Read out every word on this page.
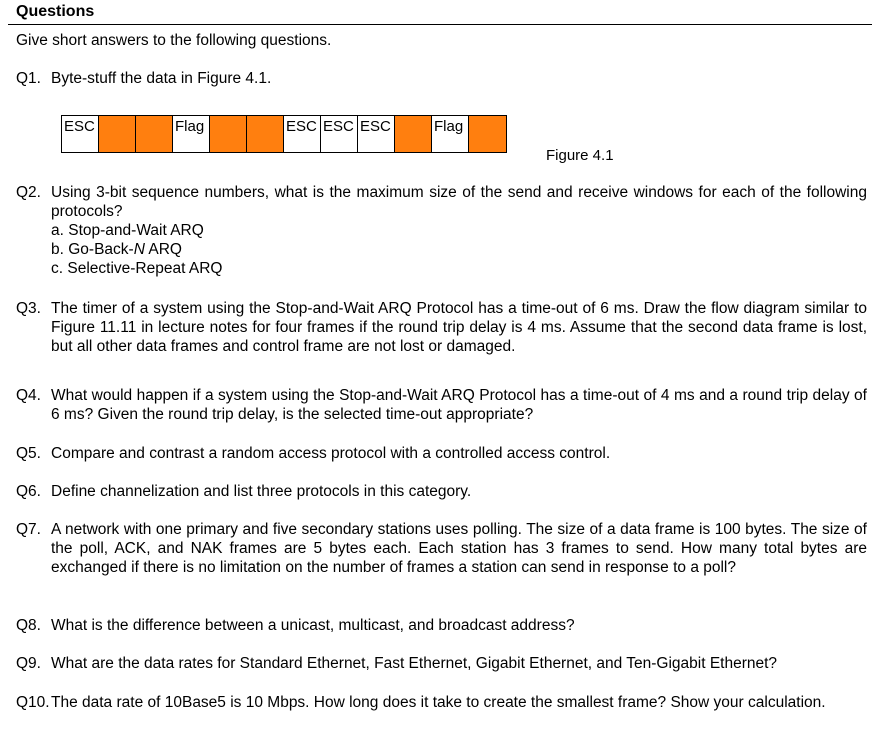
Questions
Give short answers to the following questions.
Q1. Byte-stuff the data in Figure 4.1.
ESC	Flag	ESC ESC ESC	Flag
Figure 4.1
Q2. Using 3-bit sequence numbers, what is the maximum size of the send and receive windows for each of the following protocols?
a. Stop-and-Wait ARQ
b. Go-Back-N ARQ
c. Selective-Repeat ARQ
Q3. The timer of a system using the Stop-and-Wait ARQ Protocol has a time-out of 6 ms. Draw the flow diagram similar to Figure 11.11 in lecture notes for four frames if the round trip delay is 4 ms. Assume that the second data frame is lost, but all other data frames and control frame are not lost or damaged.
Q4. What would happen if a system using the Stop-and-Wait ARQ Protocol has a time-out of 4 ms and a round trip delay of 6 ms? Given the round trip delay, is the selected time-out appropriate?
Q5. Compare and contrast a random access protocol with a controlled access control.
Q6. Define channelization and list three protocols in this category.
Q7. A network with one primary and five secondary stations uses polling. The size of a data frame is 100 bytes. The size of the poll, ACK, and NAK frames are 5 bytes each. Each station has 3 frames to send. How many total bytes are exchanged if there is no limitation on the number of frames a station can send in response to a poll?
Q8. What is the difference between a unicast, multicast, and broadcast address?
Q9. What are the data rates for Standard Ethernet, Fast Ethernet, Gigabit Ethernet, and Ten-Gigabit Ethernet?
Q10. The data rate of 10Base5 is 10 Mbps. How long does it take to create the smallest frame? Show your calculation.
